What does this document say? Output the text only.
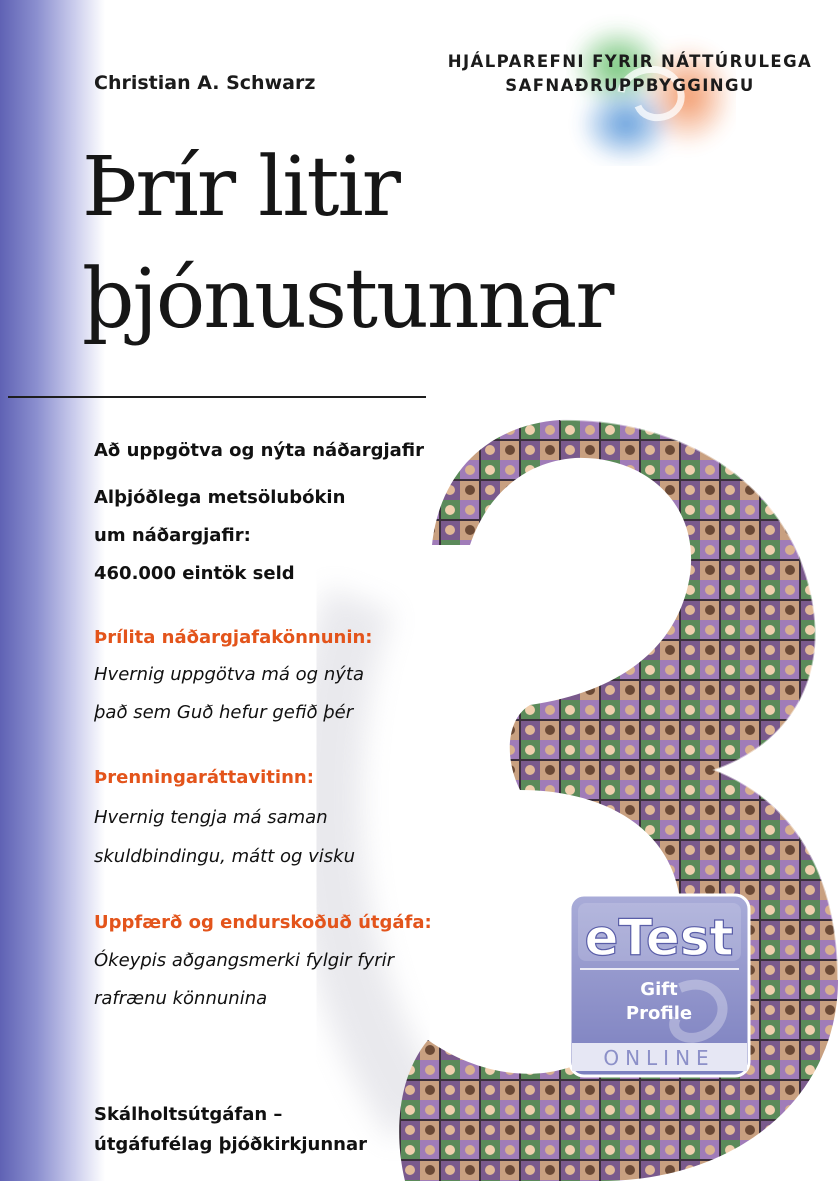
HJÁLPAREFNI FYRIR NÁTTÚRULEGA
SAFNAÐRUPPBYGGINGU
Christian A. Schwarz
Þrír litir
þjónustunnar
eTest
Gift
Profile
ONLINE
Að uppgötva og nýta náðargjafir
Alþjóðlega metsölubókin
um náðargjafir:
460.000 eintök seld
Þrílita náðargjafakönnunin:
Hvernig uppgötva má og nýta
það sem Guð hefur gefið þér
Þrenningaráttavitinn:
Hvernig tengja má saman
skuldbindingu, mátt og visku
Uppfærð og endurskoðuð útgáfa:
Ókeypis aðgangsmerki fylgir fyrir
rafrænu könnunina
Skálholtsútgáfan –
útgáfufélag þjóðkirkjunnar
